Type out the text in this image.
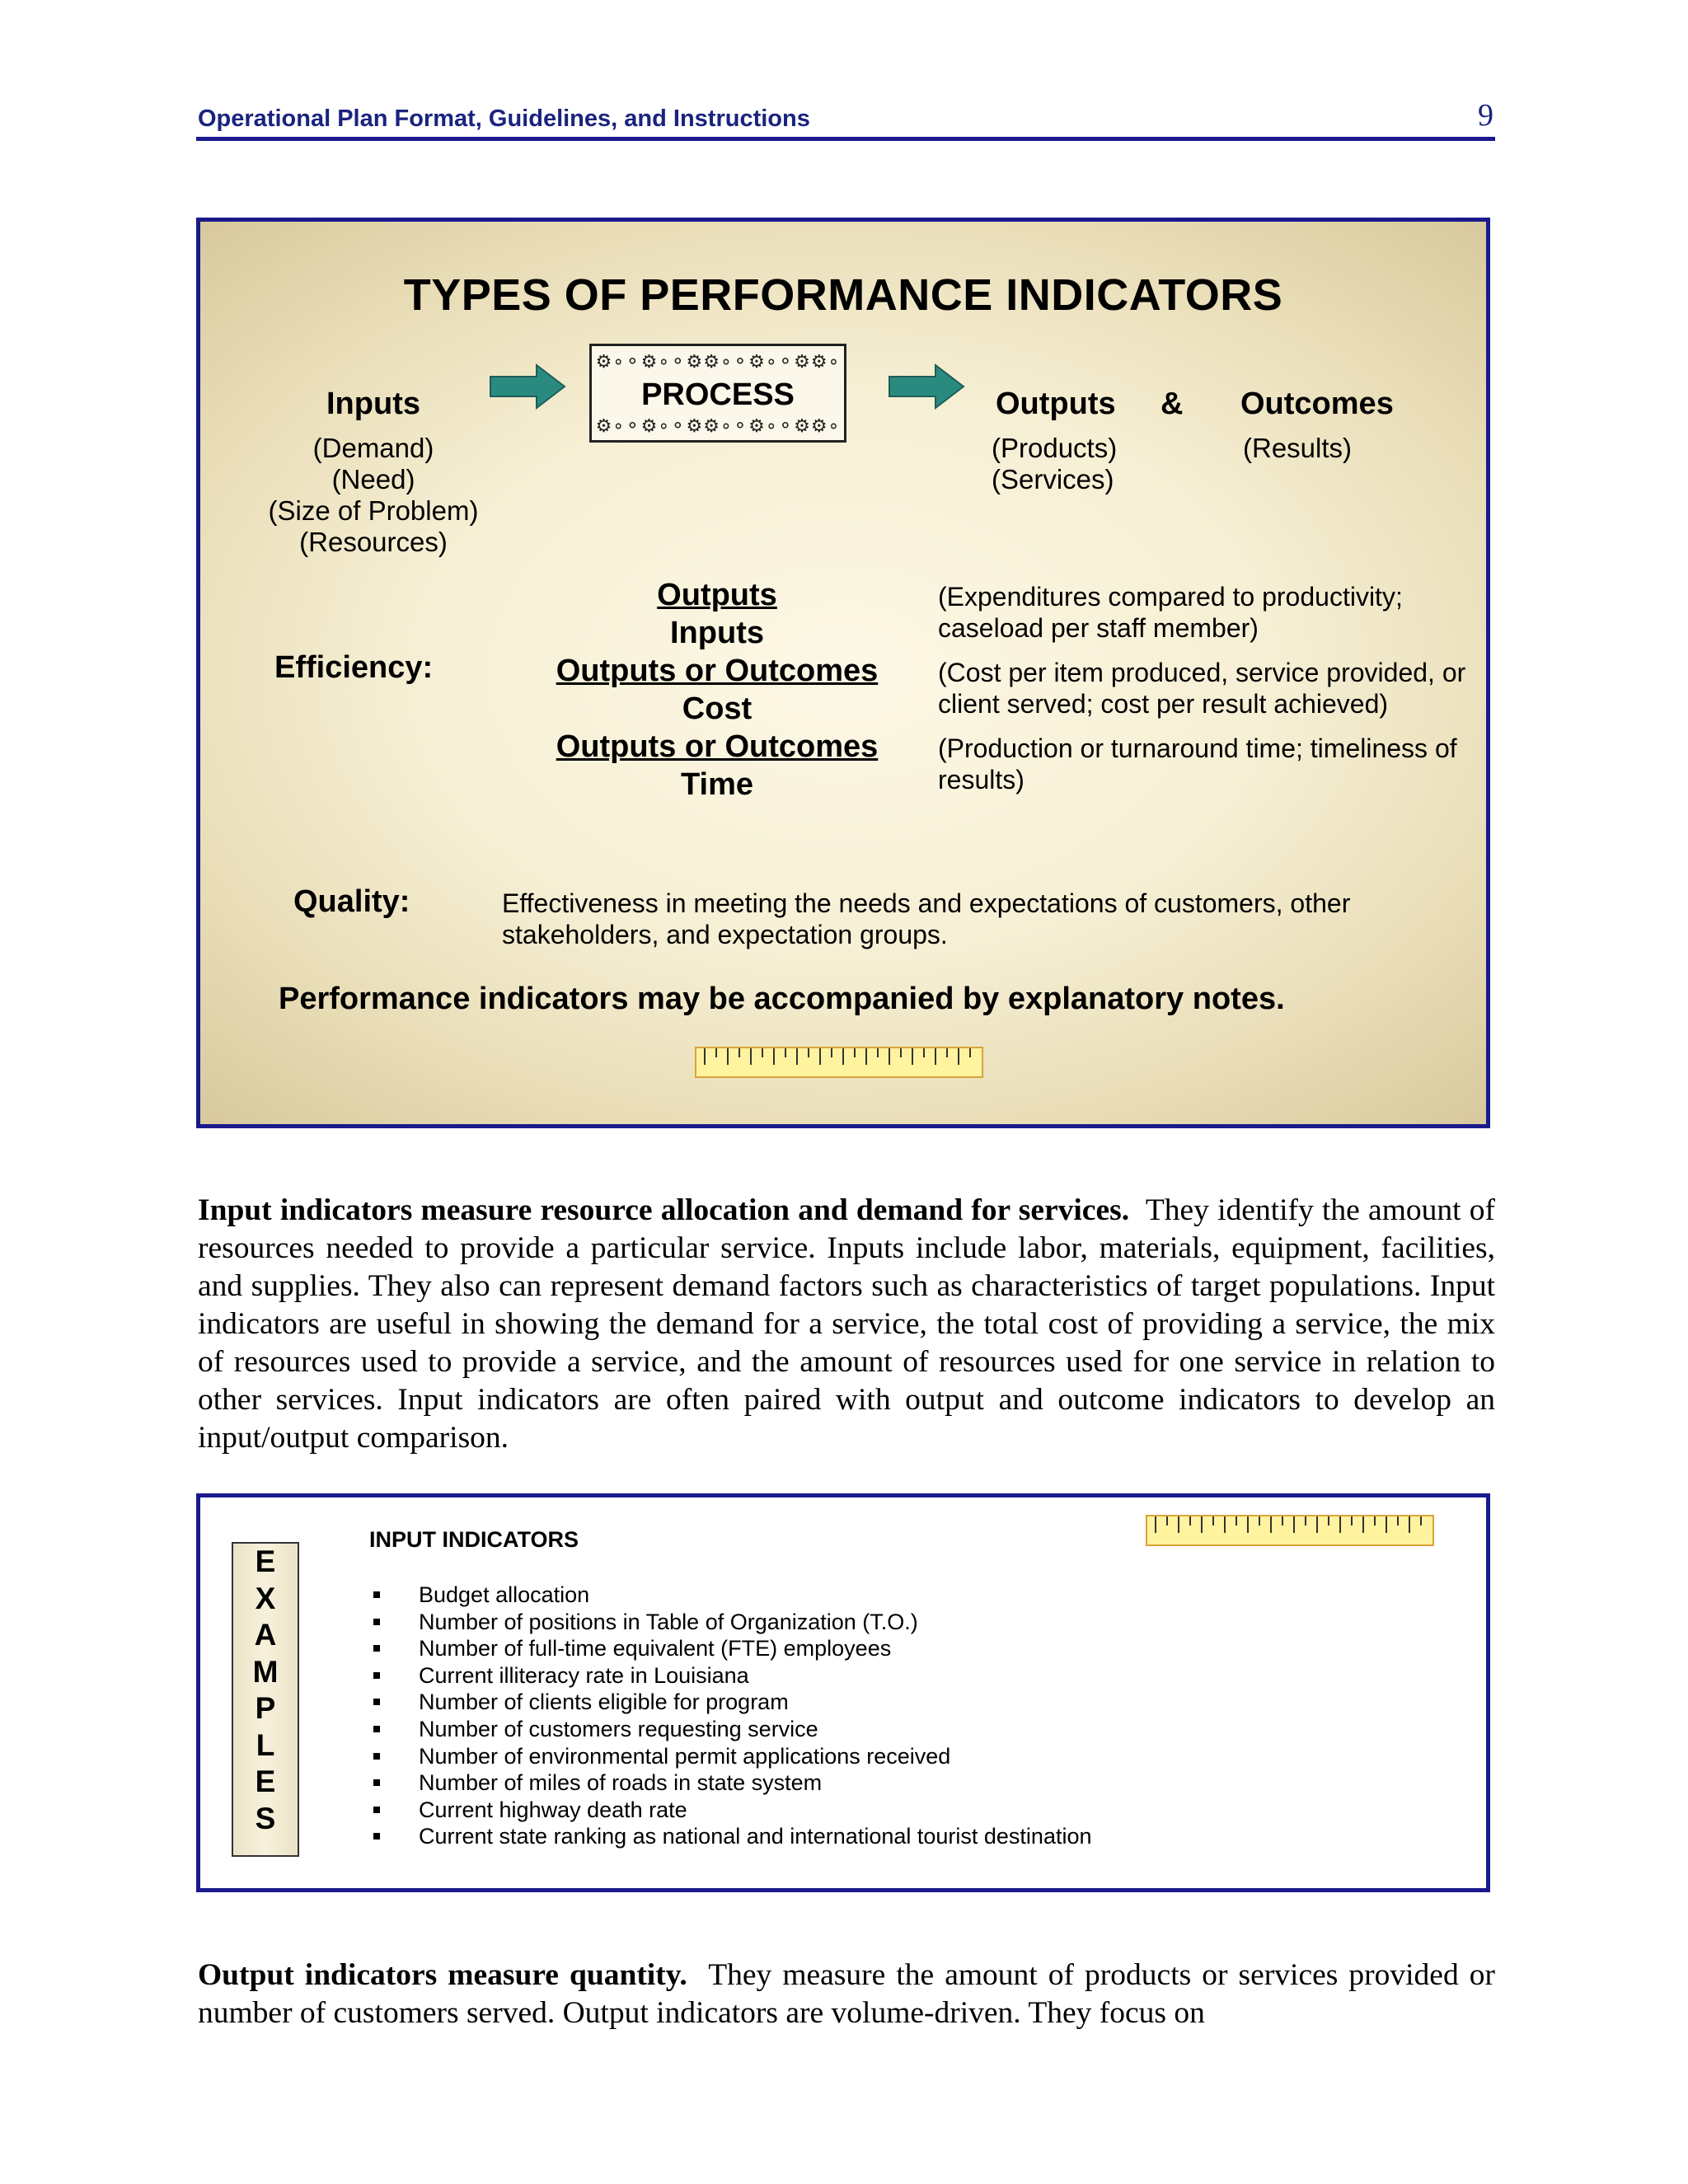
Operational Plan Format, Guidelines, and Instructions	9
TYPES OF PERFORMANCE INDICATORS
Inputs
(Demand)
(Need)
(Size of Problem)
(Resources)
⚙∘⚬⚙∘⚬⚙⚙∘⚬⚙∘⚬⚙⚙∘
PROCESS
⚙∘⚬⚙∘⚬⚙⚙∘⚬⚙∘⚬⚙⚙∘
Outputs
(Products)
(Services)
& Outcomes
(Results)
Efficiency:
Outputs
Inputs
Outputs or Outcomes
Cost
Outputs or Outcomes
Time
(Expenditures compared to productivity; caseload per staff member)
(Cost per item produced, service provided, or client served; cost per result achieved)
(Production or turnaround time; timeliness of results)
Quality:	Effectiveness in meeting the needs and expectations of customers, other stakeholders, and expectation groups.
Performance indicators may be accompanied by explanatory notes.
Input indicators measure resource allocation and demand for services. They identify the amount of resources needed to provide a particular service. Inputs include labor, materials, equipment, facilities, and supplies. They also can represent demand factors such as characteristics of target populations. Input indicators are useful in showing the demand for a service, the total cost of providing a service, the mix of resources used to provide a service, and the amount of resources used for one service in relation to other services. Input indicators are often paired with output and outcome indicators to develop an input/output comparison.
E
X
A
M
P
L
E
S
INPUT INDICATORS
Budget allocation
Number of positions in Table of Organization (T.O.)
Number of full-time equivalent (FTE) employees
Current illiteracy rate in Louisiana
Number of clients eligible for program
Number of customers requesting service
Number of environmental permit applications received
Number of miles of roads in state system
Current highway death rate
Current state ranking as national and international tourist destination
Output indicators measure quantity. They measure the amount of products or services provided or number of customers served. Output indicators are volume-driven. They focus on
